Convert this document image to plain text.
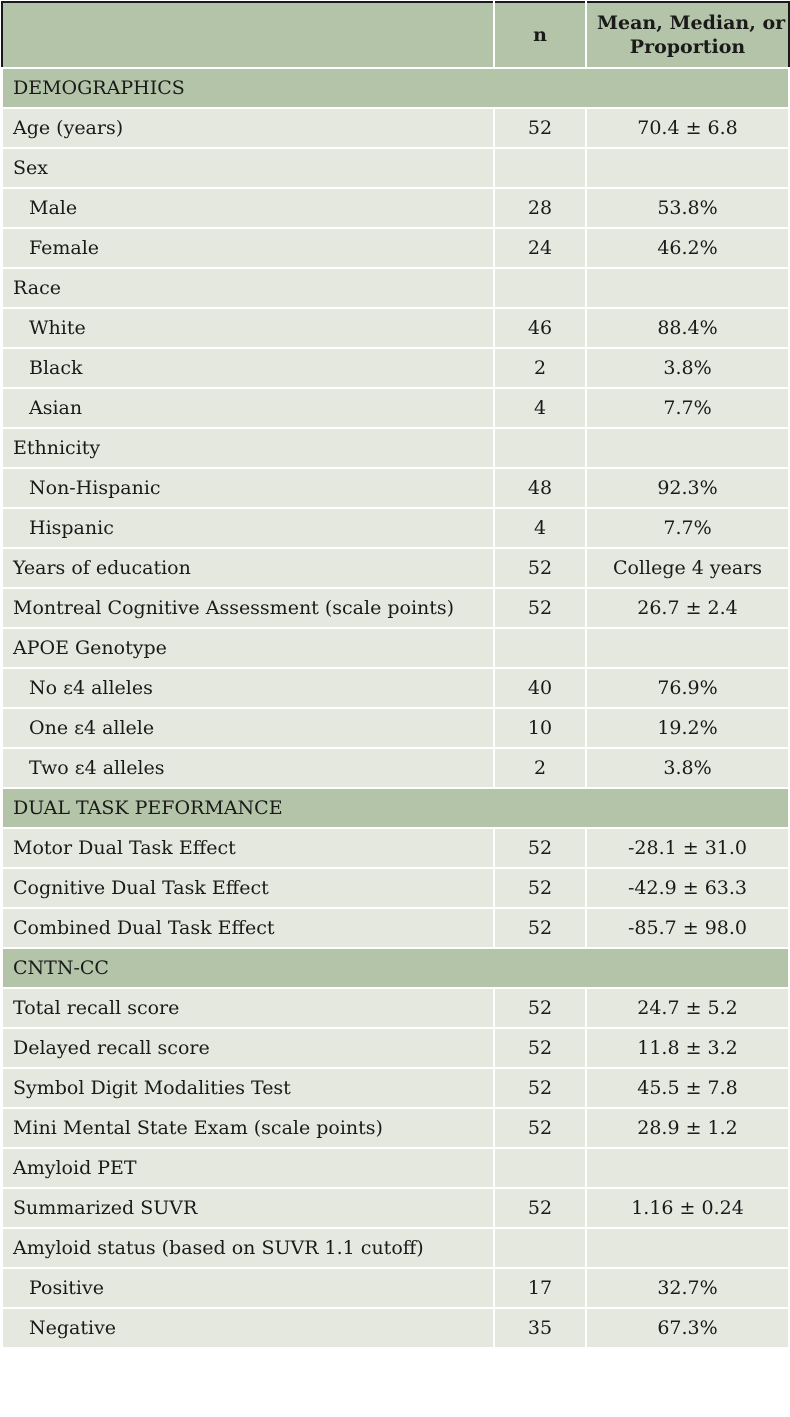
	n	Mean, Median, or
Proportion

DEMOGRAPHICS		
Age (years)	52	70.4 ± 6.8
Sex		
Male	28	53.8%
Female	24	46.2%
Race		
White	46	88.4%
Black	2	3.8%
Asian	4	7.7%
Ethnicity		
Non-Hispanic	48	92.3%
Hispanic	4	7.7%
Years of education	52	College 4 years
Montreal Cognitive Assessment (scale points)	52	26.7 ± 2.4
APOE Genotype		
No ε4 alleles	40	76.9%
One ε4 allele	10	19.2%
Two ε4 alleles	2	3.8%
DUAL TASK PEFORMANCE		
Motor Dual Task Effect	52	-28.1 ± 31.0
Cognitive Dual Task Effect	52	-42.9 ± 63.3
Combined Dual Task Effect	52	-85.7 ± 98.0
CNTN-CC		
Total recall score	52	24.7 ± 5.2
Delayed recall score	52	11.8 ± 3.2
Symbol Digit Modalities Test	52	45.5 ± 7.8
Mini Mental State Exam (scale points)	52	28.9 ± 1.2
Amyloid PET		
Summarized SUVR	52	1.16 ± 0.24
Amyloid status (based on SUVR 1.1 cutoff)		
Positive	17	32.7%
Negative	35	67.3%
